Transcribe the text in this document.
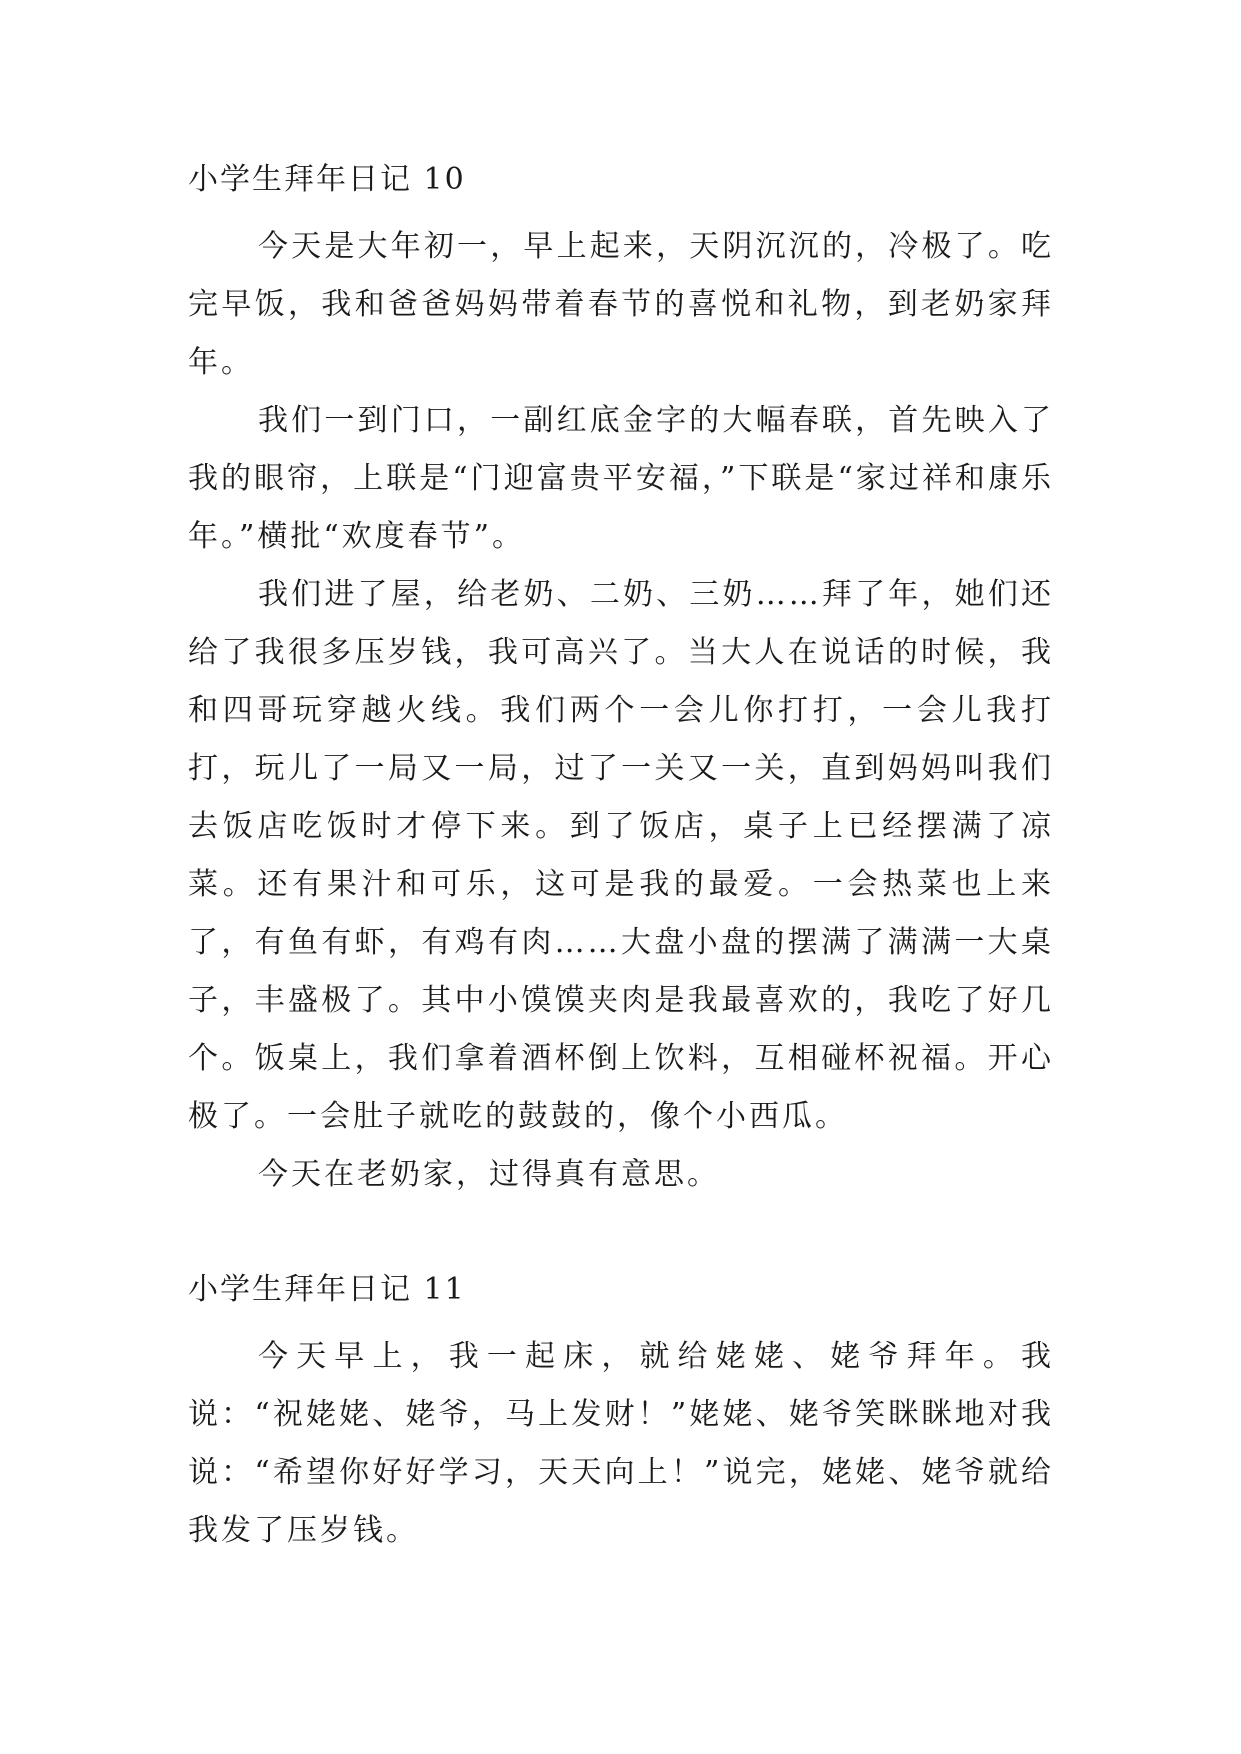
小学生拜年日记 10

今天是大年初一，早上起来，天阴沉沉的，冷极了。吃完早饭，我和爸爸妈妈带着春节的喜悦和礼物，到老奶家拜年。

我们一到门口，一副红底金字的大幅春联，首先映入了我的眼帘，上联是“门迎富贵平安福，”下联是“家过祥和康乐年。”横批“欢度春节”。

我们进了屋，给老奶、二奶、三奶……拜了年，她们还给了我很多压岁钱，我可高兴了。当大人在说话的时候，我和四哥玩穿越火线。我们两个一会儿你打打，一会儿我打打，玩儿了一局又一局，过了一关又一关，直到妈妈叫我们去饭店吃饭时才停下来。到了饭店，桌子上已经摆满了凉菜。还有果汁和可乐，这可是我的最爱。一会热菜也上来了，有鱼有虾，有鸡有肉……大盘小盘的摆满了满满一大桌子，丰盛极了。其中小馍馍夹肉是我最喜欢的，我吃了好几个。饭桌上，我们拿着酒杯倒上饮料，互相碰杯祝福。开心极了。一会肚子就吃的鼓鼓的，像个小西瓜。

今天在老奶家，过得真有意思。

小学生拜年日记 11

今天早上，我一起床，就给姥姥、姥爷拜年。我说：“祝姥姥、姥爷，马上发财！”姥姥、姥爷笑眯眯地对我说：“希望你好好学习，天天向上！”说完，姥姥、姥爷就给我发了压岁钱。
